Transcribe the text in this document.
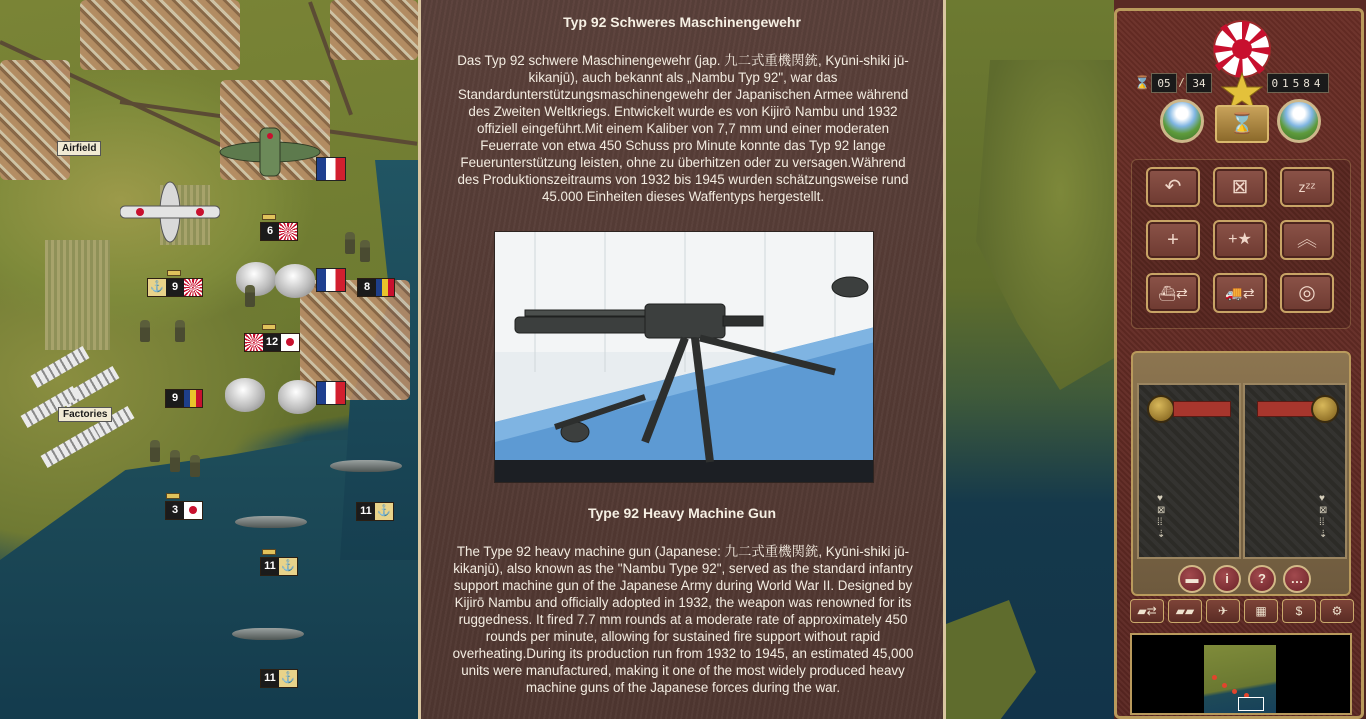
Airfield
Factories
6
⚓ 9	8
12
9
3	11 ⚓
11 ⚓
11 ⚓
Typ 92 Schweres Maschinengewehr
Das Typ 92 schwere Maschinengewehr (jap. 九二式重機関銃, Kyūni-shiki jū-kikanjū), auch bekannt als „Nambu Typ 92", war das Standardunterstützungsmaschinengewehr der Japanischen Armee während des Zweiten Weltkriegs. Entwickelt wurde es von Kijirō Nambu und 1932 offiziell eingeführt.Mit einem Kaliber von 7,7 mm und einer moderaten Feuerrate von etwa 450 Schuss pro Minute konnte das Typ 92 lange Feuerunterstützung leisten, ohne zu überhitzen oder zu versagen.Während des Produktionszeitraums von 1932 bis 1945 wurden schätzungsweise rund 45.000 Einheiten dieses Waffentyps hergestellt.
Type 92 Heavy Machine Gun
The Type 92 heavy machine gun (Japanese: 九二式重機関銃, Kyūni-shiki jū-kikanjū), also known as the "Nambu Type 92", served as the standard infantry support machine gun of the Japanese Army during World War II. Designed by Kijirō Nambu and officially adopted in 1932, the weapon was renowned for its ruggedness. It fired 7.7 mm rounds at a moderate rate of approximately 450 rounds per minute, allowing for sustained fire support without rapid overheating.During its production run from 1932 to 1945, an estimated 45,000 units were manufactured, making it one of the most widely produced heavy machine guns of the Japanese forces during the war.
⌛ 05 / 34	01584
⌛
↶	⊠	zᶻᶻ
+	+★	︽
⛴⇄	🚚⇄	◎
♥
⊠
⁞⁞
⇣
♥
⊠
⁞⁞
⇣
▬	i	?	…
▰⇄	▰▰	✈	▦	$	⚙
